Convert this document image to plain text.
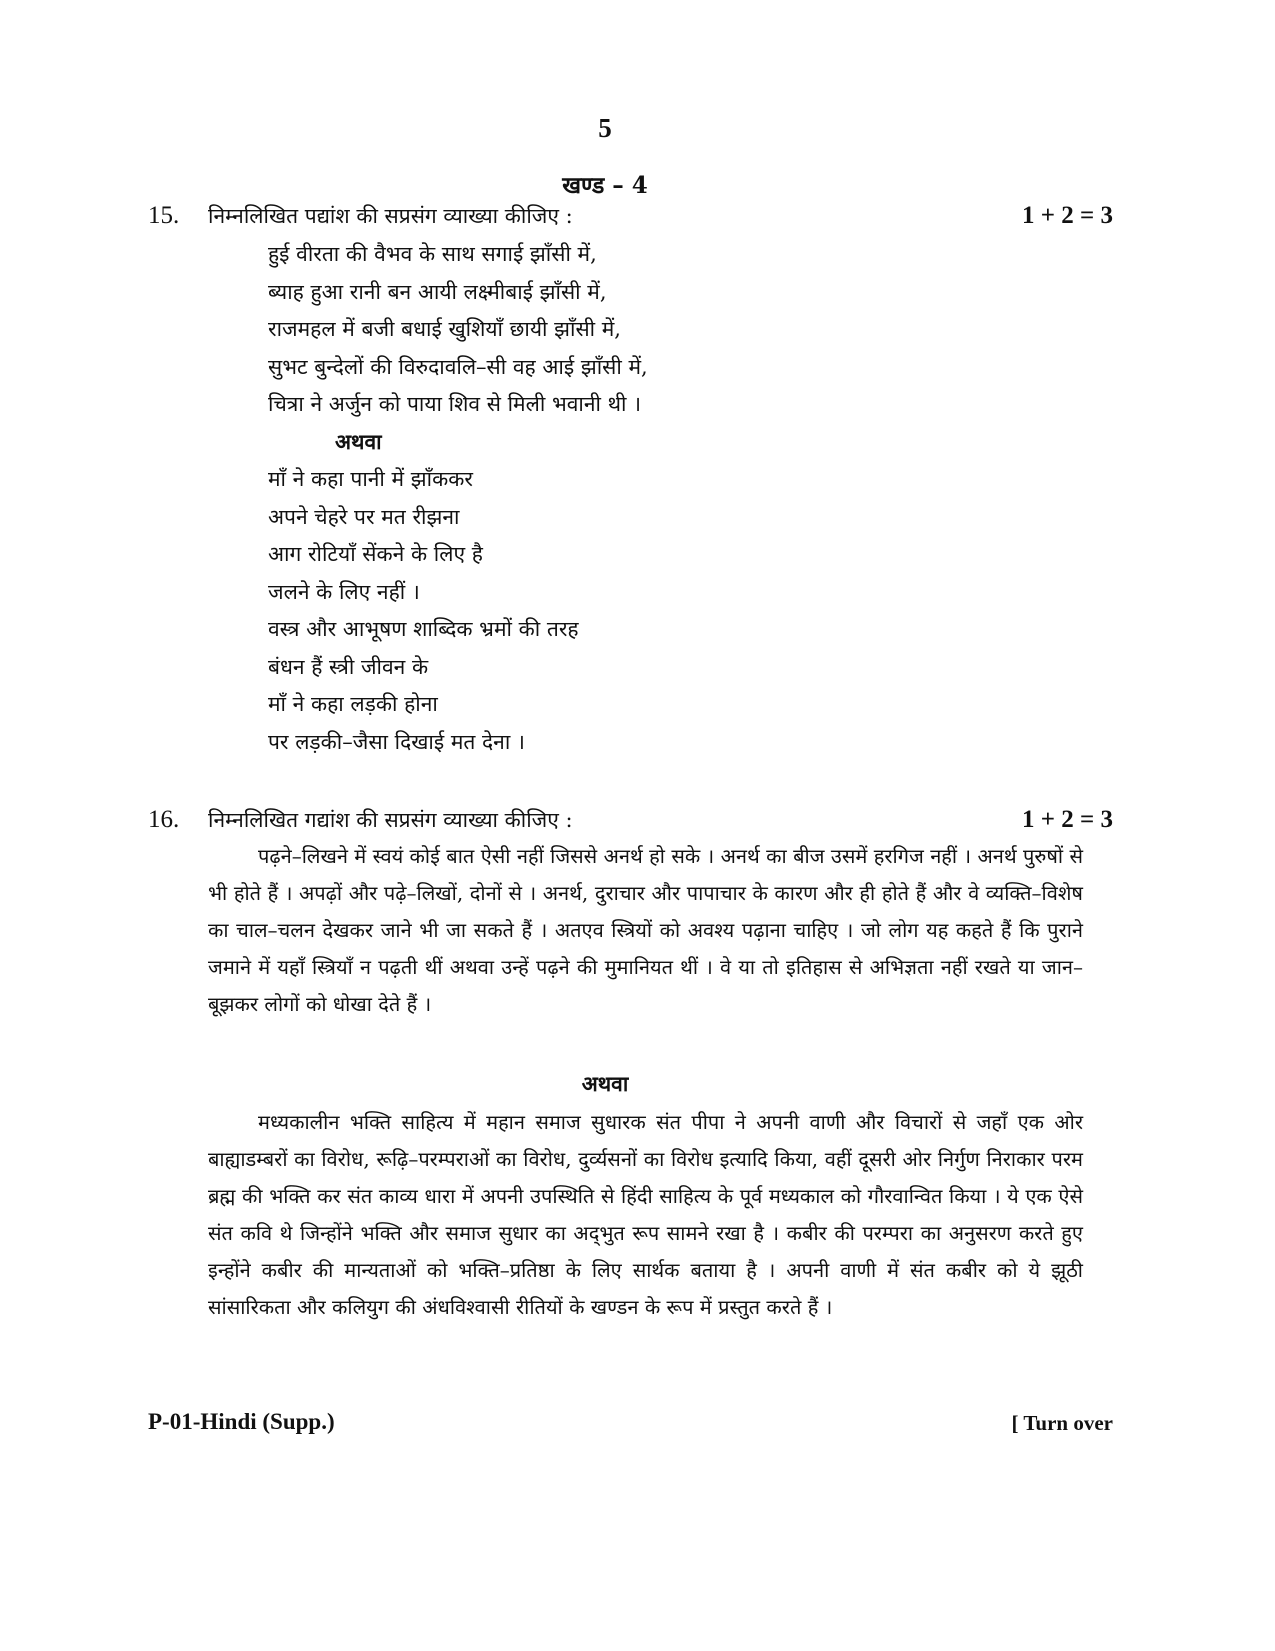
5
खण्ड – 4
15. निम्नलिखित पद्यांश की सप्रसंग व्याख्या कीजिए :	1 + 2 = 3
हुई वीरता की वैभव के साथ सगाई झाँसी में,
ब्याह हुआ रानी बन आयी लक्ष्मीबाई झाँसी में,
राजमहल में बजी बधाई खुशियाँ छायी झाँसी में,
सुभट बुन्देलों की विरुदावलि–सी वह आई झाँसी में,
चित्रा ने अर्जुन को पाया शिव से मिली भवानी थी ।
अथवा
माँ ने कहा पानी में झाँककर
अपने चेहरे पर मत रीझना
आग रोटियाँ सेंकने के लिए है
जलने के लिए नहीं ।
वस्त्र और आभूषण शाब्दिक भ्रमों की तरह
बंधन हैं स्त्री जीवन के
माँ ने कहा लड़की होना
पर लड़की–जैसा दिखाई मत देना ।
16. निम्नलिखित गद्यांश की सप्रसंग व्याख्या कीजिए :	1 + 2 = 3

पढ़ने–लिखने में स्वयं कोई बात ऐसी नहीं जिससे अनर्थ हो सके । अनर्थ का बीज उसमें हरगिज नहीं । अनर्थ पुरुषों से भी होते हैं । अपढ़ों और पढ़े–लिखों, दोनों से । अनर्थ, दुराचार और पापाचार के कारण और ही होते हैं और वे व्यक्ति–विशेष का चाल–चलन देखकर जाने भी जा सकते हैं । अतएव स्त्रियों को अवश्य पढ़ाना चाहिए । जो लोग यह कहते हैं कि पुराने जमाने में यहाँ स्त्रियाँ न पढ़ती थीं अथवा उन्हें पढ़ने की मुमानियत थीं । वे या तो इतिहास से अभिज्ञता नहीं रखते या जान–बूझकर लोगों को धोखा देते हैं ।

अथवा

मध्यकालीन भक्ति साहित्य में महान समाज सुधारक संत पीपा ने अपनी वाणी और विचारों से जहाँ एक ओर बाह्याडम्बरों का विरोध, रूढ़ि–परम्पराओं का विरोध, दुर्व्यसनों का विरोध इत्यादि किया, वहीं दूसरी ओर निर्गुण निराकार परम ब्रह्म की भक्ति कर संत काव्य धारा में अपनी उपस्थिति से हिंदी साहित्य के पूर्व मध्यकाल को गौरवान्वित किया । ये एक ऐसे संत कवि थे जिन्होंने भक्ति और समाज सुधार का अद्‌भुत रूप सामने रखा है । कबीर की परम्परा का अनुसरण करते हुए इन्होंने कबीर की मान्यताओं को भक्ति–प्रतिष्ठा के लिए सार्थक बताया है । अपनी वाणी में संत कबीर को ये झूठी सांसारिकता और कलियुग की अंधविश्वासी रीतियों के खण्डन के रूप में प्रस्तुत करते हैं ।

P-01-Hindi (Supp.)	[ Turn over
